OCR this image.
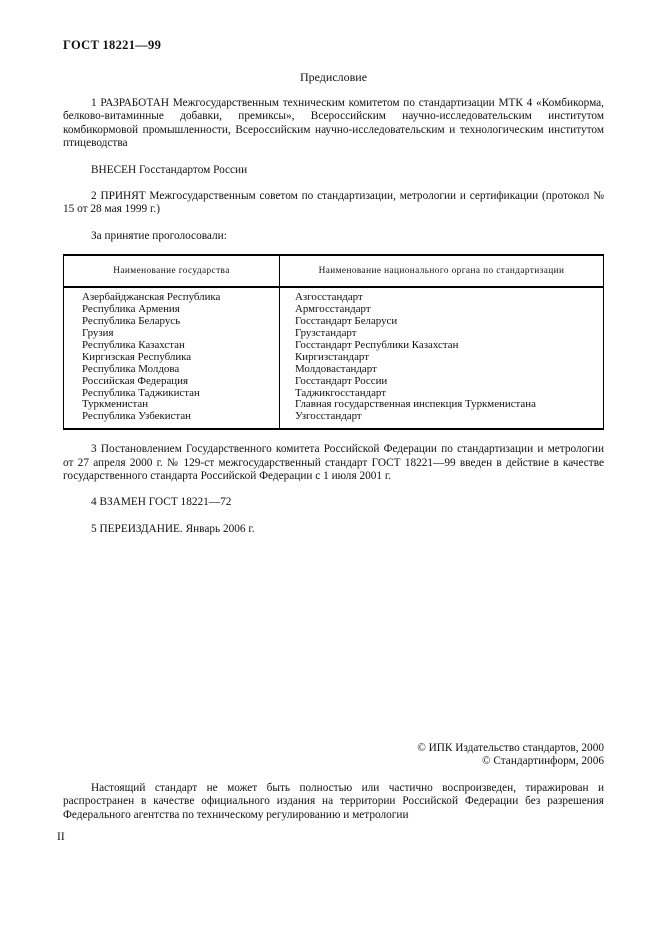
ГОСТ 18221—99
Предисловие
1 РАЗРАБОТАН Межгосударственным техническим комитетом по стандартизации МТК 4 «Комбикорма, белково-витаминные добавки, премиксы», Всероссийским научно-исследовательским институтом комбикормовой промышленности, Всероссийским научно-исследовательским и технологическим институтом птицеводства
ВНЕСЕН Госстандартом России
2 ПРИНЯТ Межгосударственным советом по стандартизации, метрологии и сертификации (протокол № 15 от 28 мая 1999 г.)
За принятие проголосовали:
Наименование государства	Наименование национального органа по стандартизации
Азербайджанская Республика	Азгосстандарт
Республика Армения	Армгосстандарт
Республика Беларусь	Госстандарт Беларуси
Грузия	Грузстандарт
Республика Казахстан	Госстандарт Республики Казахстан
Киргизская Республика	Киргизстандарт
Республика Молдова	Молдовастандарт
Российская Федерация	Госстандарт России
Республика Таджикистан	Таджикгосстандарт
Туркменистан	Главная государственная инспекция Туркменистана
Республика Узбекистан	Узгосстандарт
3 Постановлением Государственного комитета Российской Федерации по стандартизации и метрологии от 27 апреля 2000 г. № 129-ст межгосударственный стандарт ГОСТ 18221—99 введен в действие в качестве государственного стандарта Российской Федерации с 1 июля 2001 г.
4 ВЗАМЕН ГОСТ 18221—72
5 ПЕРЕИЗДАНИЕ. Январь 2006 г.
© ИПК Издательство стандартов, 2000
© Стандартинформ, 2006
Настоящий стандарт не может быть полностью или частично воспроизведен, тиражирован и распространен в качестве официального издания на территории Российской Федерации без разрешения Федерального агентства по техническому регулированию и метрологии
II
